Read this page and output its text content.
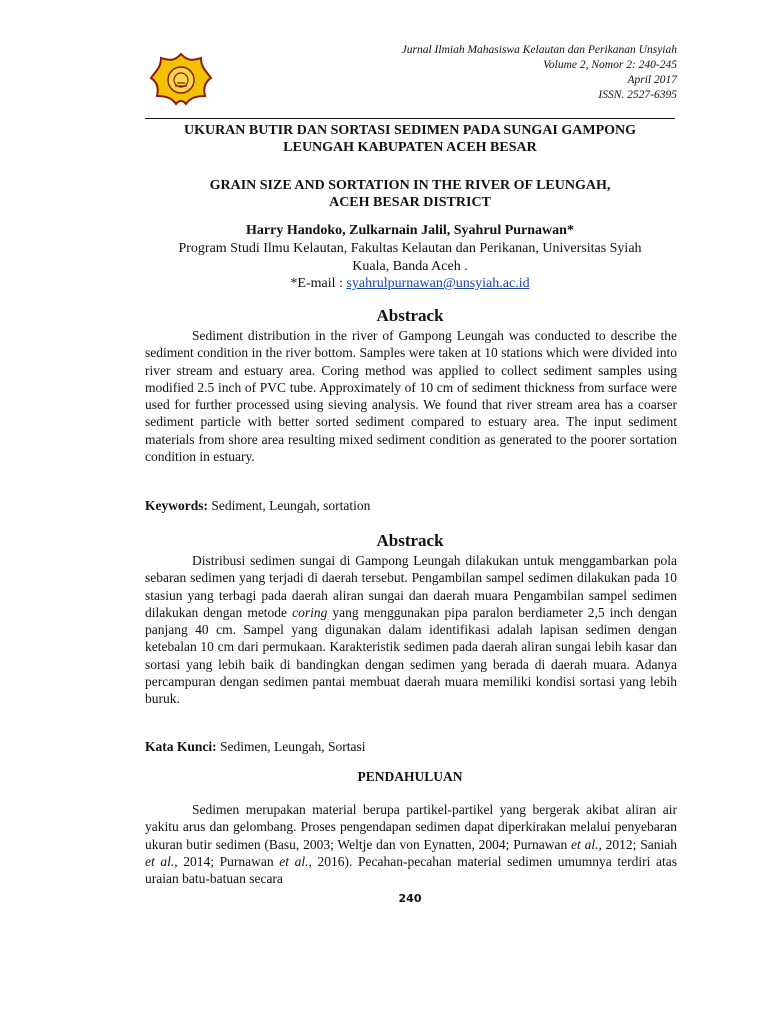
Jurnal Ilmiah Mahasiswa Kelautan dan Perikanan Unsyiah
Volume 2, Nomor 2: 240-245
April 2017
ISSN. 2527-6395
UKURAN BUTIR DAN SORTASI SEDIMEN PADA SUNGAI GAMPONG
LEUNGAH KABUPATEN ACEH BESAR
GRAIN SIZE AND SORTATION IN THE RIVER OF LEUNGAH,
ACEH BESAR DISTRICT
Harry Handoko, Zulkarnain Jalil, Syahrul Purnawan*
Program Studi Ilmu Kelautan, Fakultas Kelautan dan Perikanan, Universitas Syiah Kuala, Banda Aceh .
*E-mail : syahrulpurnawan@unsyiah.ac.id
Abstrack

Sediment distribution in the river of Gampong Leungah was conducted to describe the sediment condition in the river bottom. Samples were taken at 10 stations which were divided into river stream and estuary area. Coring method was applied to collect sediment samples using modified 2.5 inch of PVC tube. Approximately of 10 cm of sediment thickness from surface were used for further processed using sieving analysis. We found that river stream area has a coarser sediment particle with better sorted sediment compared to estuary area. The input sediment materials from shore area resulting mixed sediment condition as generated to the poorer sortation condition in estuary.

Keywords: Sediment, Leungah, sortation
Abstrack

Distribusi sedimen sungai di Gampong Leungah dilakukan untuk menggambarkan pola sebaran sedimen yang terjadi di daerah tersebut. Pengambilan sampel sedimen dilakukan pada 10 stasiun yang terbagi pada daerah aliran sungai dan daerah muara Pengambilan sampel sedimen dilakukan dengan metode coring yang menggunakan pipa paralon berdiameter 2,5 inch dengan panjang 40 cm. Sampel yang digunakan dalam identifikasi adalah lapisan sedimen dengan ketebalan 10 cm dari permukaan. Karakteristik sedimen pada daerah aliran sungai lebih kasar dan sortasi yang lebih baik di bandingkan dengan sedimen yang berada di daerah muara. Adanya percampuran dengan sedimen pantai membuat daerah muara memiliki kondisi sortasi yang lebih buruk.

Kata Kunci: Sedimen, Leungah, Sortasi
PENDAHULUAN

Sedimen merupakan material berupa partikel-partikel yang bergerak akibat aliran air yakitu arus dan gelombang. Proses pengendapan sedimen dapat diperkirakan melalui penyebaran ukuran butir sedimen (Basu, 2003; Weltje dan von Eynatten, 2004; Purnawan et al., 2012; Saniah et al., 2014; Purnawan et al., 2016). Pecahan-pecahan material sedimen umumnya terdiri atas uraian batu-batuan secara

240
